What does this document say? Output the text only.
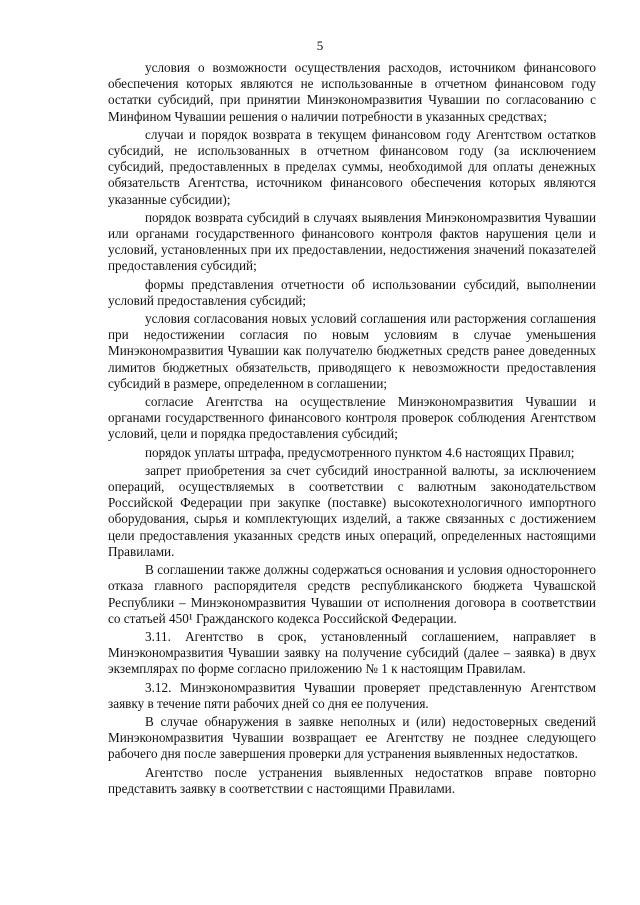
5

условия о возможности осуществления расходов, источником финансового обеспечения которых являются не использованные в отчетном финансовом году остатки субсидий, при принятии Минэкономразвития Чувашии по согласованию с Минфином Чувашии решения о наличии потребности в указанных средствах;

случаи и порядок возврата в текущем финансовом году Агентством остатков субсидий, не использованных в отчетном финансовом году (за исключением субсидий, предоставленных в пределах суммы, необходимой для оплаты денежных обязательств Агентства, источником финансового обеспечения которых являются указанные субсидии);

порядок возврата субсидий в случаях выявления Минэкономразвития Чувашии или органами государственного финансового контроля фактов нарушения цели и условий, установленных при их предоставлении, недостижения значений показателей предоставления субсидий;

формы представления отчетности об использовании субсидий, выполнении условий предоставления субсидий;

условия согласования новых условий соглашения или расторжения соглашения при недостижении согласия по новым условиям в случае уменьшения Минэкономразвития Чувашии как получателю бюджетных средств ранее доведенных лимитов бюджетных обязательств, приводящего к невозможности предоставления субсидий в размере, определенном в соглашении;

согласие Агентства на осуществление Минэкономразвития Чувашии и органами государственного финансового контроля проверок соблюдения Агентством условий, цели и порядка предоставления субсидий;

порядок уплаты штрафа, предусмотренного пунктом 4.6 настоящих Правил;

запрет приобретения за счет субсидий иностранной валюты, за исключением операций, осуществляемых в соответствии с валютным законодательством Российской Федерации при закупке (поставке) высокотехнологичного импортного оборудования, сырья и комплектующих изделий, а также связанных с достижением цели предоставления указанных средств иных операций, определенных настоящими Правилами.

В соглашении также должны содержаться основания и условия одностороннего отказа главного распорядителя средств республиканского бюджета Чувашской Республики – Минэкономразвития Чувашии от исполнения договора в соответствии со статьей 450¹ Гражданского кодекса Российской Федерации.

3.11. Агентство в срок, установленный соглашением, направляет в Минэкономразвития Чувашии заявку на получение субсидий (далее – заявка) в двух экземплярах по форме согласно приложению № 1 к настоящим Правилам.

3.12. Минэкономразвития Чувашии проверяет представленную Агентством заявку в течение пяти рабочих дней со дня ее получения.

В случае обнаружения в заявке неполных и (или) недостоверных сведений Минэкономразвития Чувашии возвращает ее Агентству не позднее следующего рабочего дня после завершения проверки для устранения выявленных недостатков.

Агентство после устранения выявленных недостатков вправе повторно представить заявку в соответствии с настоящими Правилами.
